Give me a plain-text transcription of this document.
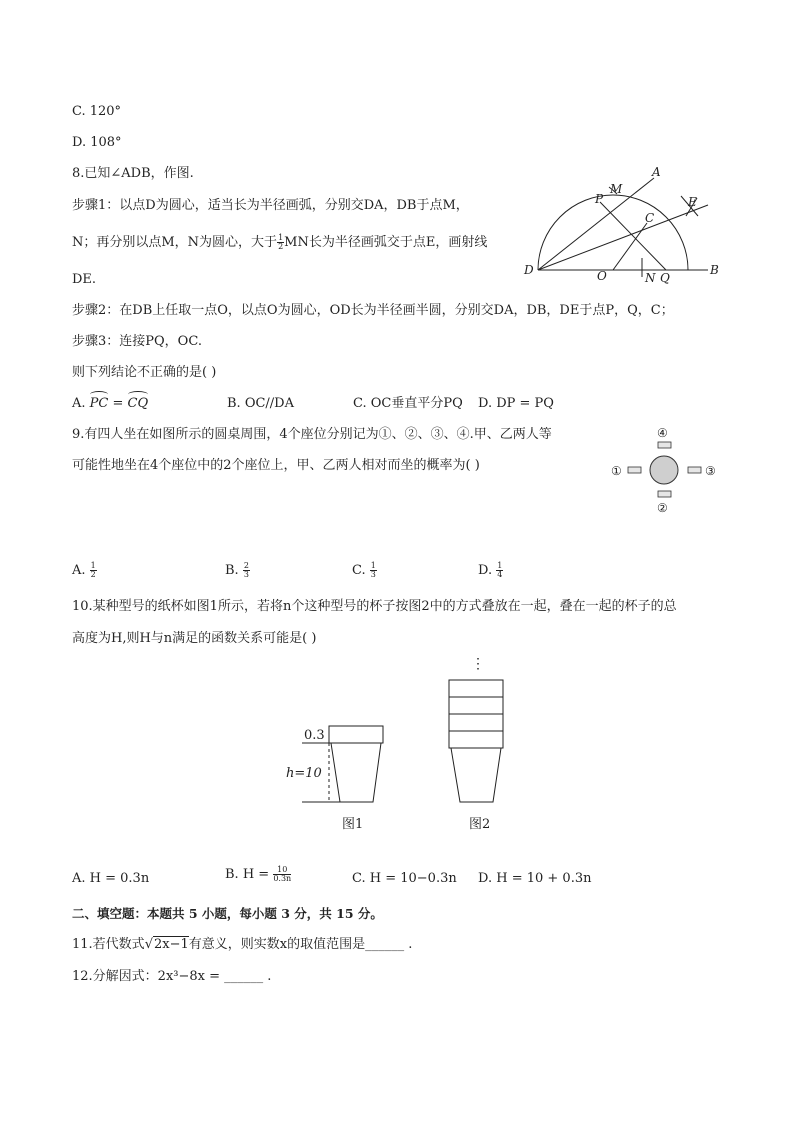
C. 120°
D. 108°
8.已知∠ADB，作图.
步骤1：以点D为圆心，适当长为半径画弧，分别交DA，DB于点M，
N；再分别以点M，N为圆心，大于 $\frac{1}{2}$ MN长为半径画弧交于点E，画射线
DE.
步骤2：在DB上任取一点O，以点O为圆心，OD长为半径画半圆，分别交DA，DB，DE于点P，Q，C；
步骤3：连接PQ，OC.
则下列结论不正确的是( )
A. PC = CQ	B. OC//DA	C. OC垂直平分PQ D. DP = PQ
A
M
P	E
C
D	O	N Q
B
9.有四人坐在如图所示的圆桌周围，4个座位分别记为①、②、③、④.甲、乙两人等
可能性地坐在4个座位中的2个座位上，甲、乙两人相对而坐的概率为( )
④
②
①	③
A. $\frac{1}{2}$	B. $\frac{2}{3}$	C. $\frac{1}{3}$	D. $\frac{1}{4}$
10.某种型号的纸杯如图1所示，若将n个这种型号的杯子按图2中的方式叠放在一起，叠在一起的杯子的总
高度为H,则H与n满足的函数关系可能是( )
0.3
h=10
图1	图2
⋮
A. H = 0.3n	B. $H = \frac{10}{0.3n}$	C. H = 10−0.3n D. H = 10 + 0.3n
二、填空题：本题共 5 小题，每小题 3 分，共 15 分。
11.若代数式√2x−1有意义，则实数x的取值范围是______ .
12.分解因式：2x³−8x = ______ .
